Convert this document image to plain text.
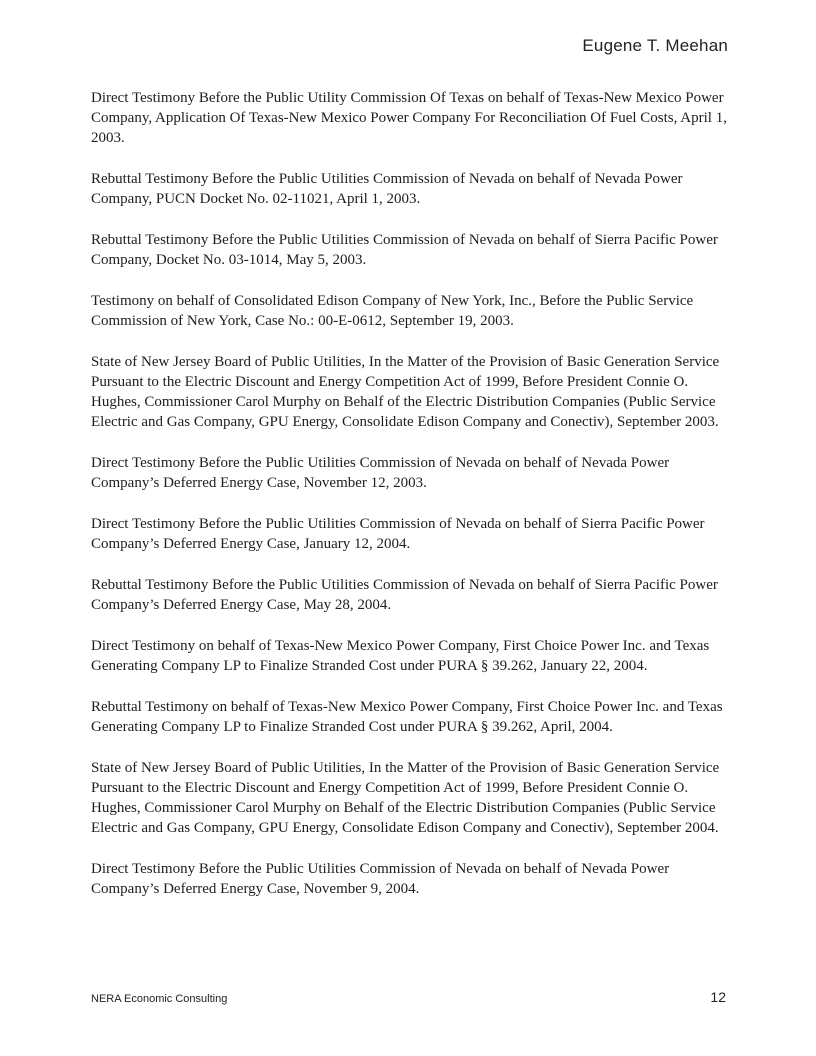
Eugene T. Meehan

Direct Testimony Before the Public Utility Commission Of Texas on behalf of Texas-New Mexico Power Company, Application Of Texas-New Mexico Power Company For Reconciliation Of Fuel Costs, April 1, 2003.

Rebuttal Testimony Before the Public Utilities Commission of Nevada on behalf of Nevada Power Company, PUCN Docket No. 02-11021, April 1, 2003.

Rebuttal Testimony Before the Public Utilities Commission of Nevada on behalf of Sierra Pacific Power Company, Docket No. 03-1014, May 5, 2003.

Testimony on behalf of Consolidated Edison Company of New York, Inc., Before the Public Service Commission of New York, Case No.: 00-E-0612, September 19, 2003.

State of New Jersey Board of Public Utilities, In the Matter of the Provision of Basic Generation Service Pursuant to the Electric Discount and Energy Competition Act of 1999, Before President Connie O. Hughes, Commissioner Carol Murphy on Behalf of the Electric Distribution Companies (Public Service Electric and Gas Company, GPU Energy, Consolidate Edison Company and Conectiv), September 2003.

Direct Testimony Before the Public Utilities Commission of Nevada on behalf of Nevada Power Company’s Deferred Energy Case, November 12, 2003.

Direct Testimony Before the Public Utilities Commission of Nevada on behalf of Sierra Pacific Power Company’s Deferred Energy Case, January 12, 2004.

Rebuttal Testimony Before the Public Utilities Commission of Nevada on behalf of Sierra Pacific Power Company’s Deferred Energy Case, May 28, 2004.

Direct Testimony on behalf of Texas-New Mexico Power Company, First Choice Power Inc. and Texas Generating Company LP to Finalize Stranded Cost under PURA § 39.262, January 22, 2004.

Rebuttal Testimony on behalf of Texas-New Mexico Power Company, First Choice Power Inc. and Texas Generating Company LP to Finalize Stranded Cost under PURA § 39.262, April, 2004.

State of New Jersey Board of Public Utilities, In the Matter of the Provision of Basic Generation Service Pursuant to the Electric Discount and Energy Competition Act of 1999, Before President Connie O. Hughes, Commissioner Carol Murphy on Behalf of the Electric Distribution Companies (Public Service Electric and Gas Company, GPU Energy, Consolidate Edison Company and Conectiv), September 2004.

Direct Testimony Before the Public Utilities Commission of Nevada on behalf of Nevada Power Company’s Deferred Energy Case, November 9, 2004.

NERA Economic Consulting	12
